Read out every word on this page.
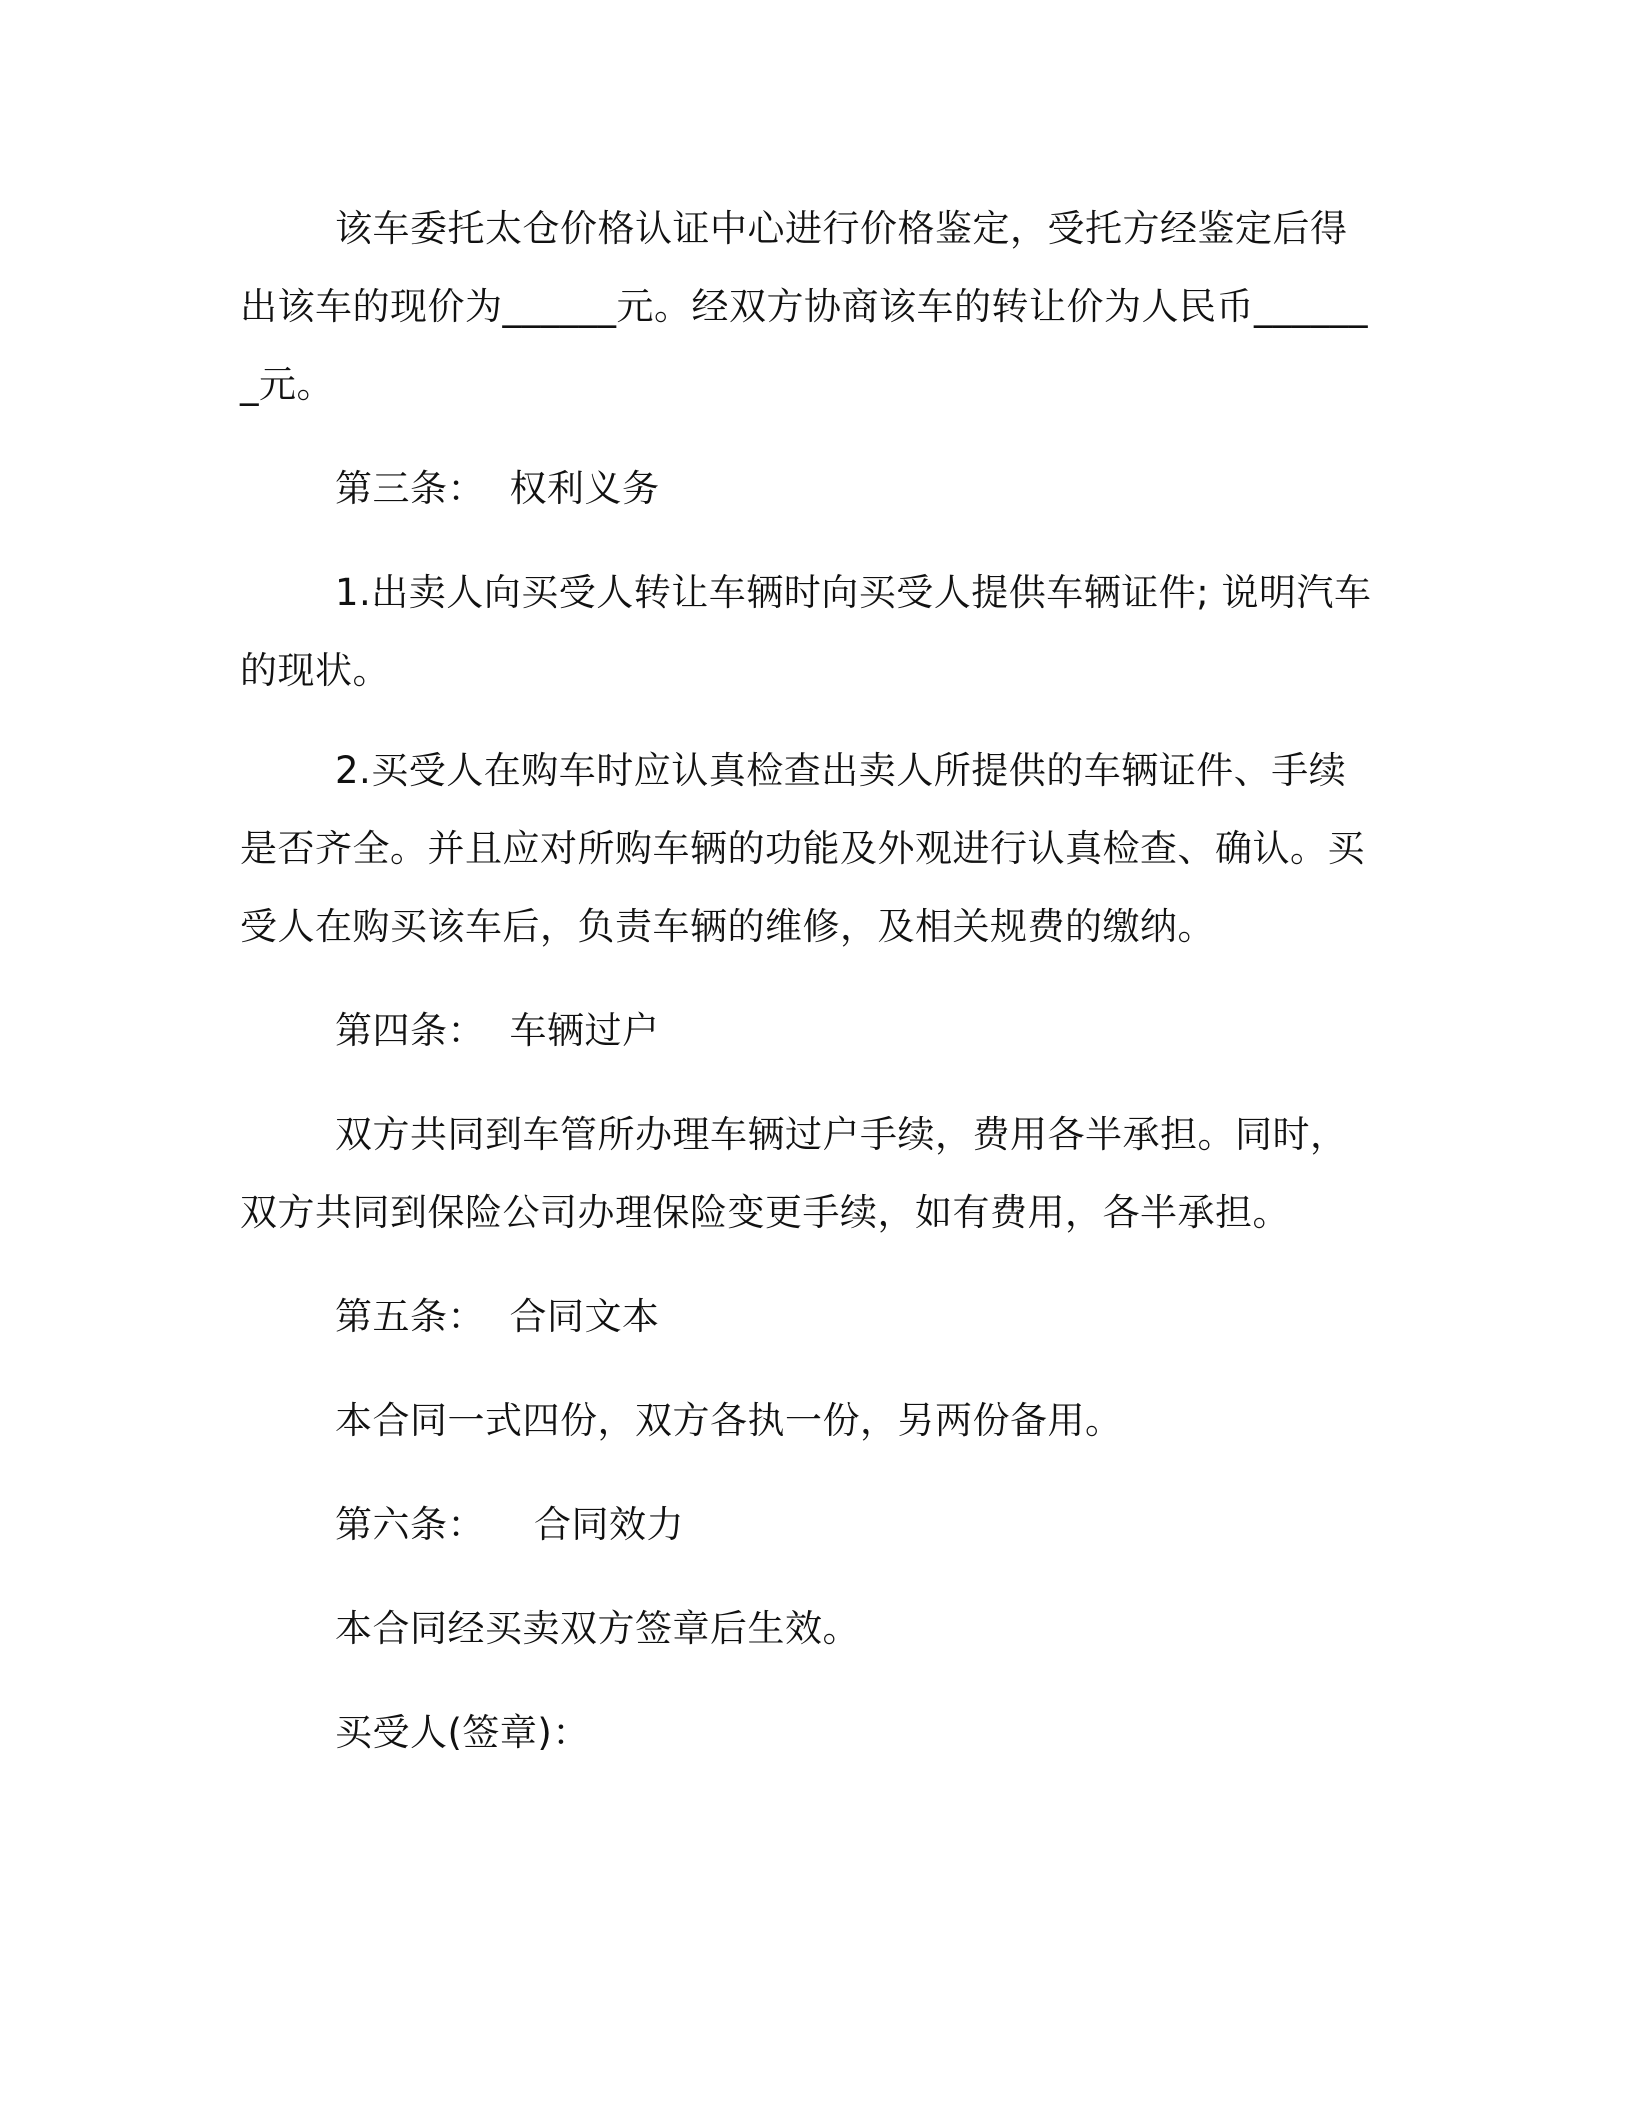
该车委托太仓价格认证中心进行价格鉴定，受托方经鉴定后得出该车的现价为______元。经双方协商该车的转让价为人民币_______元。

第三条：  权利义务

1.出卖人向买受人转让车辆时向买受人提供车辆证件; 说明汽车的现状。

2.买受人在购车时应认真检查出卖人所提供的车辆证件、手续是否齐全。并且应对所购车辆的功能及外观进行认真检查、确认。买受人在购买该车后，负责车辆的维修，及相关规费的缴纳。

第四条：  车辆过户

双方共同到车管所办理车辆过户手续，费用各半承担。同时，双方共同到保险公司办理保险变更手续，如有费用，各半承担。

第五条：  合同文本

本合同一式四份，双方各执一份，另两份备用。

第六条：    合同效力

本合同经买卖双方签章后生效。

买受人(签章)：
